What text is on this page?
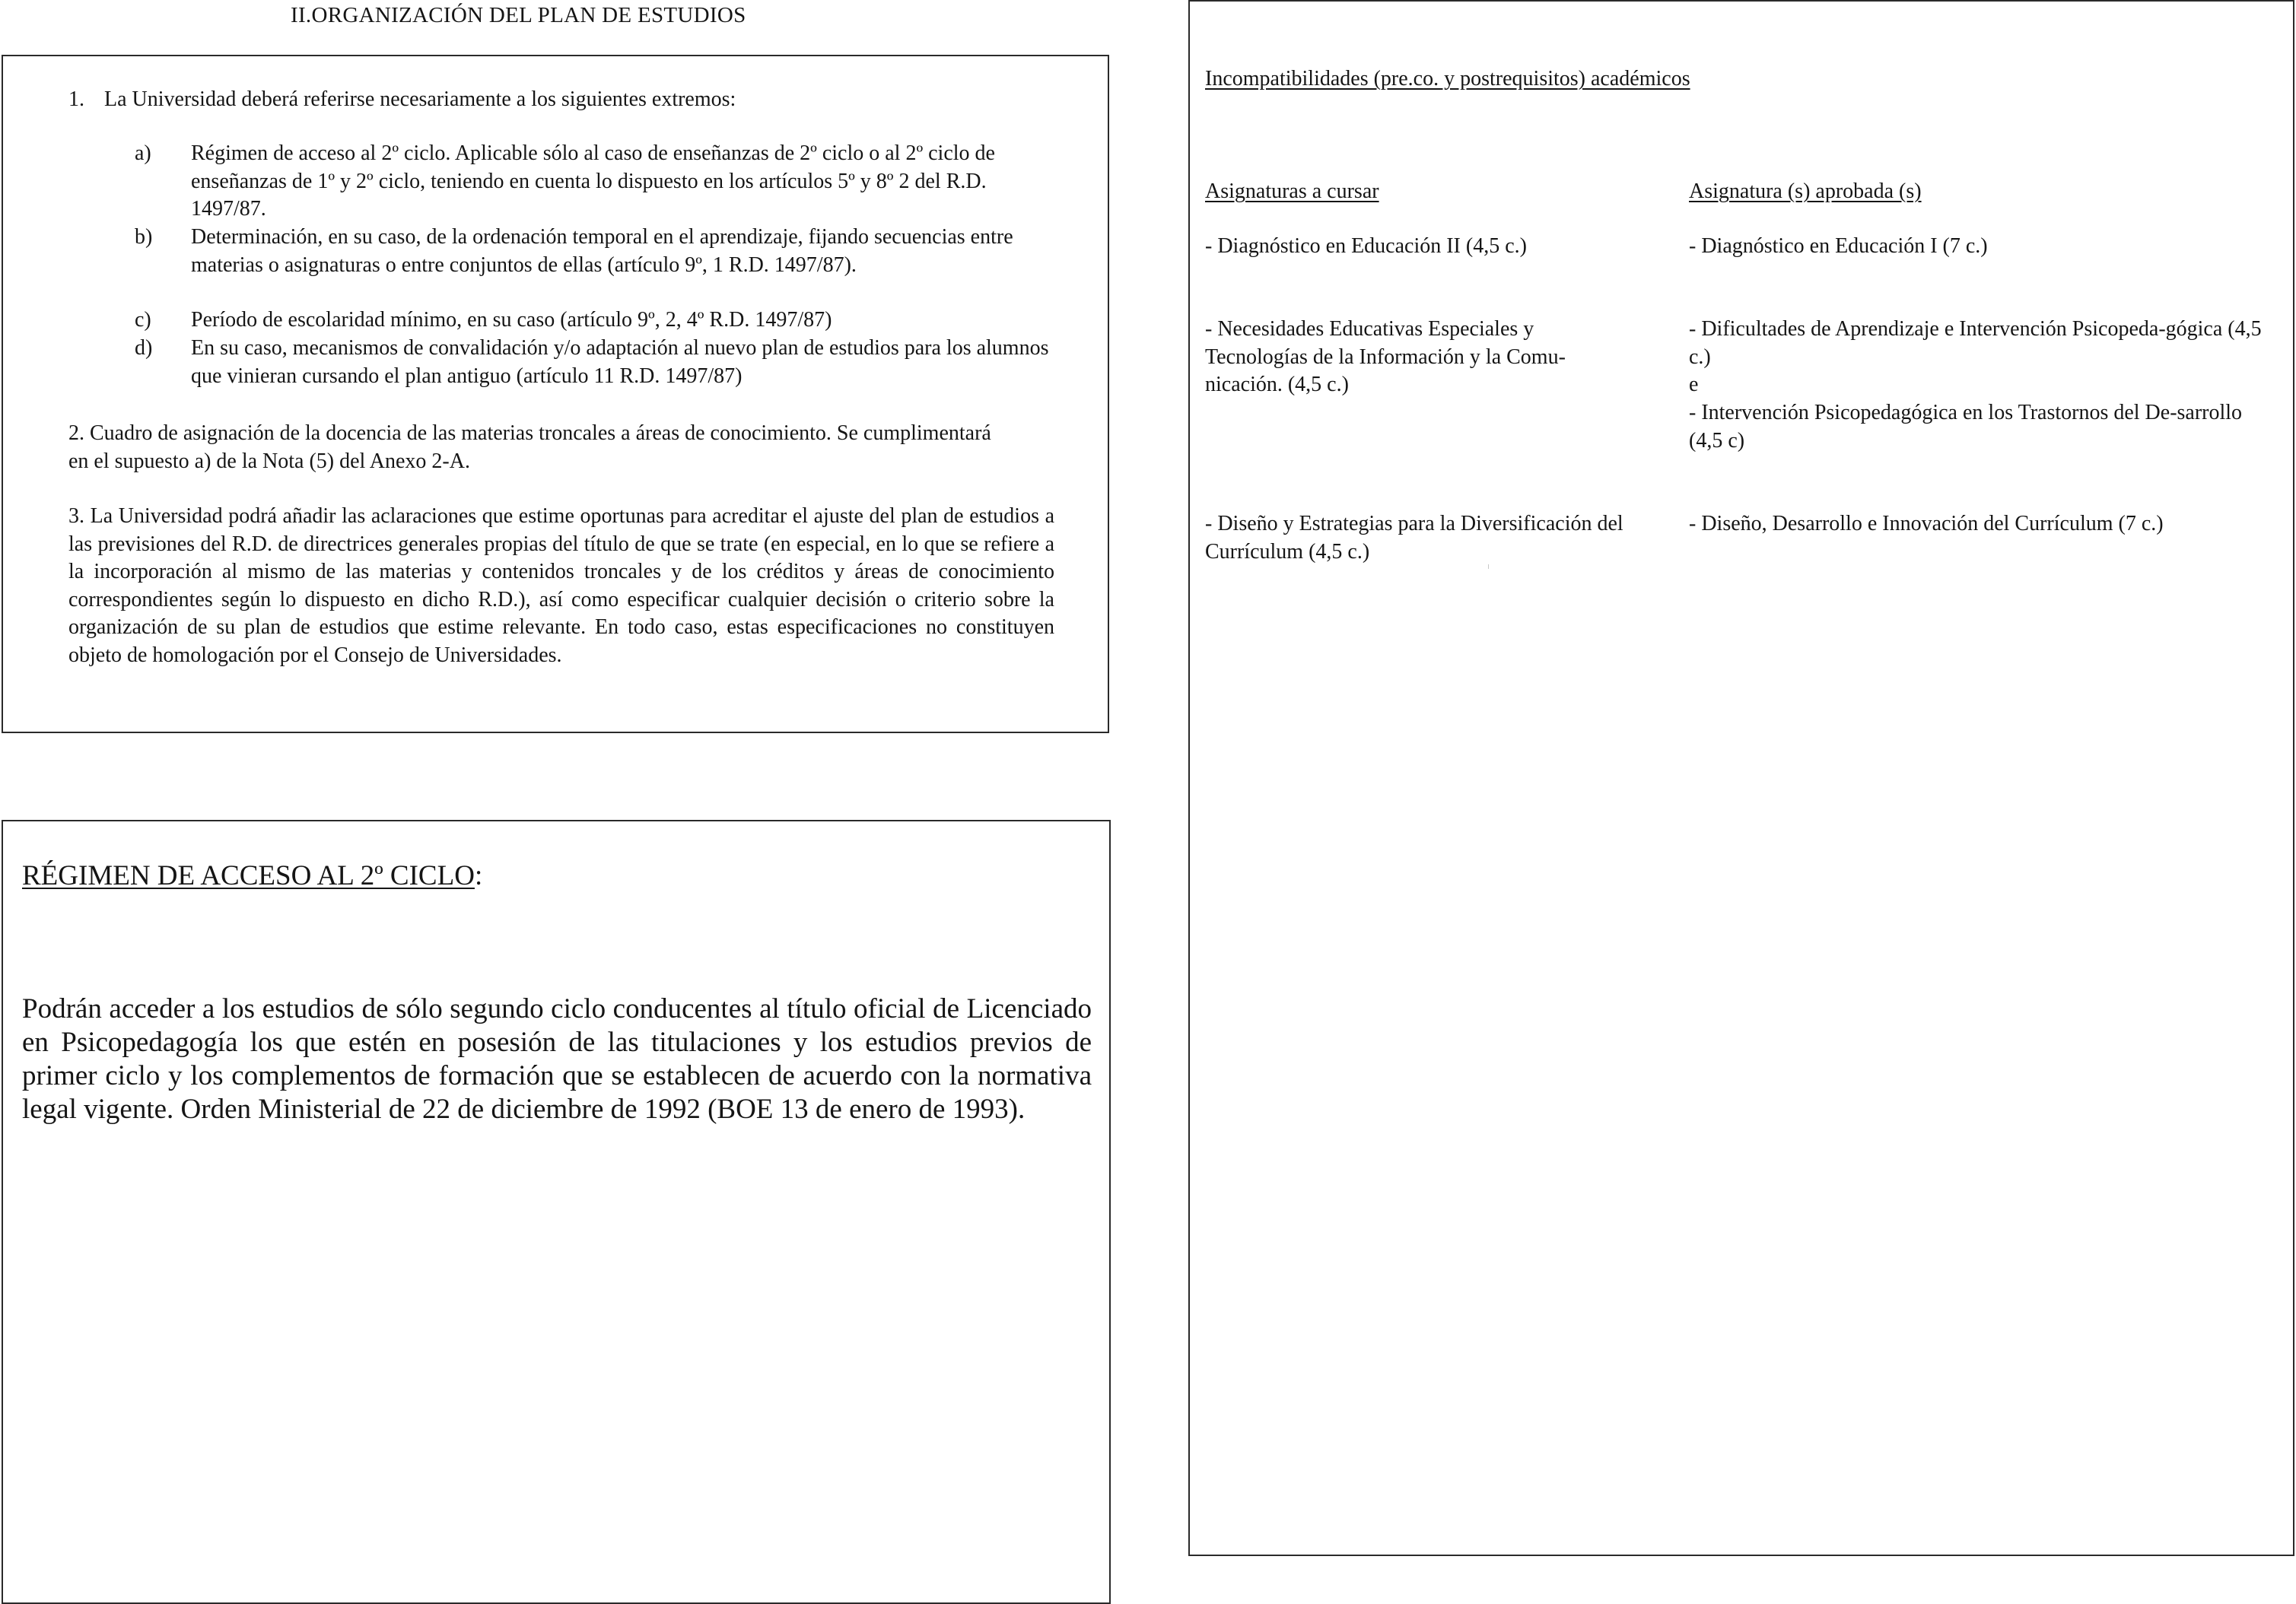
II.ORGANIZACIÓN DEL PLAN DE ESTUDIOS
1. La Universidad deberá referirse necesariamente a los siguientes extremos:
a) Régimen de acceso al 2º ciclo. Aplicable sólo al caso de enseñanzas de 2º ciclo o al 2º ciclo de enseñanzas de 1º y 2º ciclo, teniendo en cuenta lo dispuesto en los artículos 5º y 8º 2 del R.D. 1497/87.
b) Determinación, en su caso, de la ordenación temporal en el aprendizaje, fijando secuencias entre materias o asignaturas o entre conjuntos de ellas (artículo 9º, 1 R.D. 1497/87).
c) Período de escolaridad mínimo, en su caso (artículo 9º, 2, 4º R.D. 1497/87)
d) En su caso, mecanismos de convalidación y/o adaptación al nuevo plan de estudios para los alumnos que vinieran cursando el plan antiguo (artículo 11 R.D. 1497/87)
2. Cuadro de asignación de la docencia de las materias troncales a áreas de conocimiento. Se cumplimentará en el supuesto a) de la Nota (5) del Anexo 2-A.
3. La Universidad podrá añadir las aclaraciones que estime oportunas para acreditar el ajuste del plan de estudios a las previsiones del R.D. de directrices generales propias del título de que se trate (en especial, en lo que se refiere a la incorporación al mismo de las materias y contenidos troncales y de los créditos y áreas de conocimiento correspondientes según lo dispuesto en dicho R.D.), así como especificar cualquier decisión o criterio sobre la organización de su plan de estudios que estime relevante. En todo caso, estas especificaciones no constituyen objeto de homologación por el Consejo de Universidades.
RÉGIMEN DE ACCESO AL 2º CICLO:
Podrán acceder a los estudios de sólo segundo ciclo conducentes al título oficial de Licenciado en Psicopedagogía los que estén en posesión de las titulaciones y los estudios previos de primer ciclo y los complementos de formación que se establecen de acuerdo con la normativa legal vigente. Orden Ministerial de 22 de diciembre de 1992 (BOE 13 de enero de 1993).
Incompatibilidades (pre.co. y postrequisitos) académicos
Asignaturas a cursar	Asignatura (s) aprobada (s)
- Diagnóstico en Educación II (4,5 c.)	- Diagnóstico en Educación I (7 c.)
- Necesidades Educativas Especiales y Tecnologías de la Información y la Comu-nicación. (4,5 c.)
- Dificultades de Aprendizaje e Intervención Psicopeda-gógica (4,5 c.)
e
- Intervención Psicopedagógica en los Trastornos del De-sarrollo (4,5 c)
- Diseño y Estrategias para la Diversificación del Currículum (4,5 c.)
- Diseño, Desarrollo e Innovación del Currículum (7 c.)
